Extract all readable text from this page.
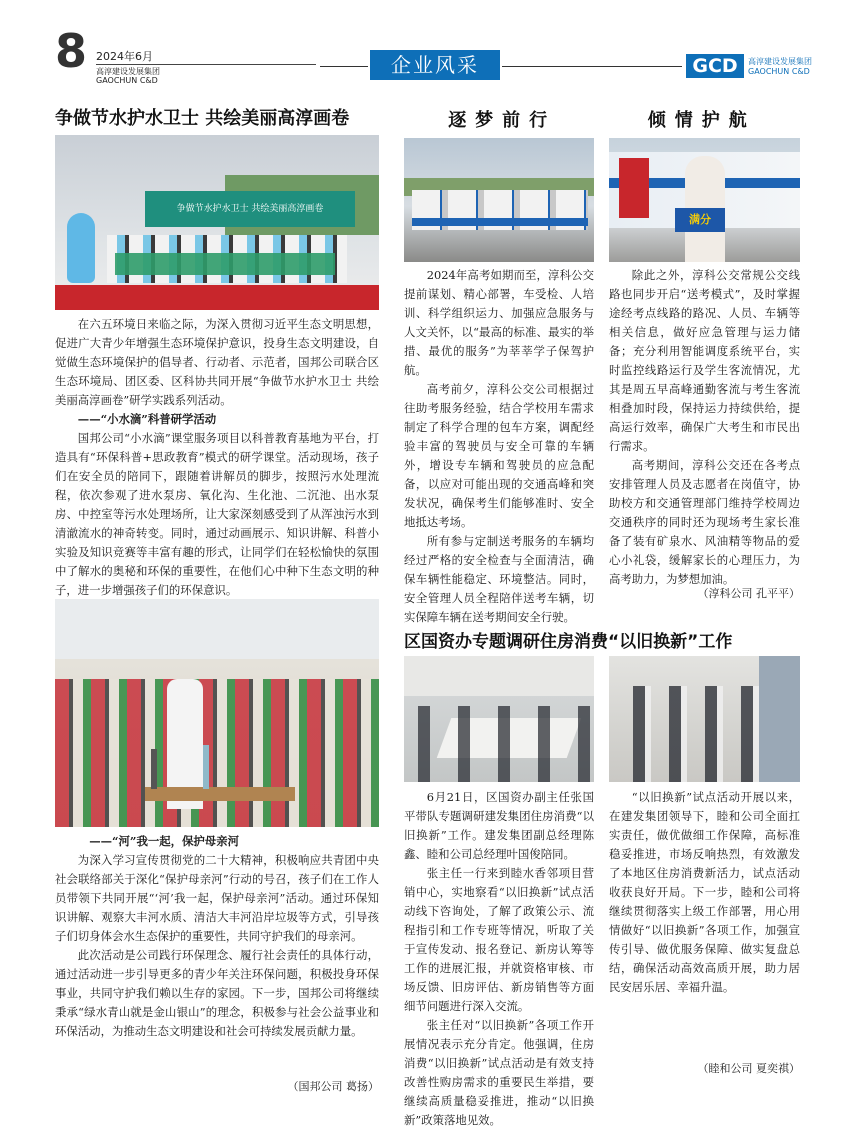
8 2024年6月
高淳建设发展集团
GAOCHUN C&D
企业风采	GCD	高淳建设发展集团
GAOCHUN C&D
争做节水护水卫士 共绘美丽高淳画卷
争做节水护水卫士 共绘美丽高淳画卷

在六五环境日来临之际，为深入贯彻习近平生态文明思想，促进广大青少年增强生态环境保护意识，投身生态文明建设，自觉做生态环境保护的倡导者、行动者、示范者，国邦公司联合区生态环境局、团区委、区科协共同开展“争做节水护水卫士 共绘美丽高淳画卷”研学实践系列活动。

——“小水滴”科普研学活动

国邦公司“小水滴”课堂服务项目以科普教育基地为平台，打造具有“环保科普+思政教育”模式的研学课堂。活动现场，孩子们在安全员的陪同下，跟随着讲解员的脚步，按照污水处理流程，依次参观了进水泵房、氧化沟、生化池、二沉池、出水泵房、中控室等污水处理场所，让大家深刻感受到了从浑浊污水到清澈流水的神奇转变。同时，通过动画展示、知识讲解、科普小实验及知识竞赛等丰富有趣的形式，让同学们在轻松愉快的氛围中了解水的奥秘和环保的重要性，在他们心中种下生态文明的种子，进一步增强孩子们的环保意识。

——“河”我一起，保护母亲河

为深入学习宣传贯彻党的二十大精神，积极响应共青团中央社会联络部关于深化“保护母亲河”行动的号召，孩子们在工作人员带领下共同开展“‘河’我一起，保护母亲河”活动。通过环保知识讲解、观察大丰河水质、清洁大丰河沿岸垃圾等方式，引导孩子们切身体会水生态保护的重要性，共同守护我们的母亲河。

此次活动是公司践行环保理念、履行社会责任的具体行动，通过活动进一步引导更多的青少年关注环保问题，积极投身环保事业，共同守护我们赖以生存的家园。下一步，国邦公司将继续秉承“绿水青山就是金山银山”的理念，积极参与社会公益事业和环保活动，为推动生态文明建设和社会可持续发展贡献力量。

（国邦公司 葛扬）
逐梦前行      倾情护航
满分

2024年高考如期而至，淳科公交提前谋划、精心部署，车受检、人培训、科学组织运力、加强应急服务与人文关怀，以“最高的标准、最实的举措、最优的服务”为莘莘学子保驾护航。

高考前夕，淳科公交公司根据过往助考服务经验，结合学校用车需求制定了科学合理的包车方案，调配经验丰富的驾驶员与安全可靠的车辆外，增设专车辆和驾驶员的应急配备，以应对可能出现的交通高峰和突发状况，确保考生们能够准时、安全地抵达考场。

所有参与定制送考服务的车辆均经过严格的安全检查与全面清洁，确保车辆性能稳定、环境整洁。同时，安全管理人员全程陪伴送考车辆，切实保障车辆在送考期间安全行驶。

除此之外，淳科公交常规公交线路也同步开启“送考模式”，及时掌握途经考点线路的路况、人员、车辆等相关信息，做好应急管理与运力储备；充分利用智能调度系统平台，实时监控线路运行及学生客流情况，尤其是周五早高峰通勤客流与考生客流相叠加时段，保持运力持续供给，提高运行效率，确保广大考生和市民出行需求。

高考期间，淳科公交还在各考点安排管理人员及志愿者在岗值守，协助校方和交通管理部门维持学校周边交通秩序的同时还为现场考生家长准备了装有矿泉水、风油精等物品的爱心小礼袋，缓解家长的心理压力，为高考助力，为梦想加油。

（淳科公司 孔平平）
区国资办专题调研住房消费“以旧换新”工作

6月21日，区国资办副主任张国平带队专题调研建发集团住房消费“以旧换新”工作。建发集团副总经理陈鑫、睦和公司总经理叶国俊陪同。

张主任一行来到睦水香邻项目营销中心，实地察看“以旧换新”试点活动线下咨询处，了解了政策公示、流程指引和工作专班等情况，听取了关于宣传发动、报名登记、新房认筹等工作的进展汇报，并就资格审核、市场反馈、旧房评估、新房销售等方面细节问题进行深入交流。

张主任对“以旧换新”各项工作开展情况表示充分肯定。他强调，住房消费“以旧换新”试点活动是有效支持改善性购房需求的重要民生举措，要继续高质量稳妥推进，推动“以旧换新”政策落地见效。

“以旧换新”试点活动开展以来，在建发集团领导下，睦和公司全面扛实责任，做优做细工作保障，高标准稳妥推进，市场反响热烈，有效激发了本地区住房消费新活力，试点活动收获良好开局。下一步，睦和公司将继续贯彻落实上级工作部署，用心用情做好“以旧换新”各项工作，加强宣传引导、做优服务保障、做实复盘总结，确保活动高效高质开展，助力居民安居乐居、幸福升温。

（睦和公司 夏奕祺）
